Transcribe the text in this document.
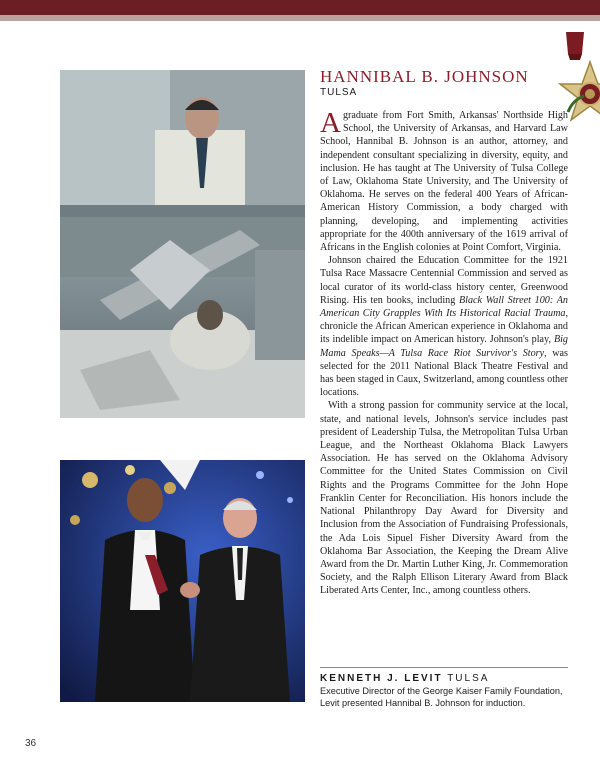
HANNIBAL B. JOHNSON
TULSA

A graduate from Fort Smith, Arkansas' Northside High School, the University of Arkansas, and Harvard Law School, Hannibal B. Johnson is an author, attorney, and independent consultant specializing in diversity, equity, and inclusion. He has taught at The University of Tulsa College of Law, Oklahoma State University, and The University of Oklahoma. He serves on the federal 400 Years of African-American History Commission, a body charged with planning, developing, and implementing activities appropriate for the 400th anniversary of the 1619 arrival of Africans in the English colonies at Point Comfort, Virginia.

Johnson chaired the Education Committee for the 1921 Tulsa Race Massacre Centennial Commission and served as local curator of its world-class history center, Greenwood Rising. His ten books, including Black Wall Street 100: An American City Grapples With Its Historical Racial Trauma, chronicle the African American experience in Oklahoma and its indelible impact on American history. Johnson's play, Big Mama Speaks—A Tulsa Race Riot Survivor's Story, was selected for the 2011 National Black Theatre Festival and has been staged in Caux, Switzerland, among countless other locations.

With a strong passion for community service at the local, state, and national levels, Johnson's service includes past president of Leadership Tulsa, the Metropolitan Tulsa Urban League, and the Northeast Oklahoma Black Lawyers Association. He has served on the Oklahoma Advisory Committee for the United States Commission on Civil Rights and the Programs Committee for the John Hope Franklin Center for Reconciliation. His honors include the National Philanthropy Day Award for Diversity and Inclusion from the Association of Fundraising Professionals, the Ada Lois Sipuel Fisher Diversity Award from the Oklahoma Bar Association, the Keeping the Dream Alive Award from the Dr. Martin Luther King, Jr. Commemoration Society, and the Ralph Ellison Literary Award from Black Liberated Arts Center, Inc., among countless others.

KENNETH J. LEVIT TULSA
Executive Director of the George Kaiser Family Foundation,
Levit presented Hannibal B. Johnson for induction.
36
